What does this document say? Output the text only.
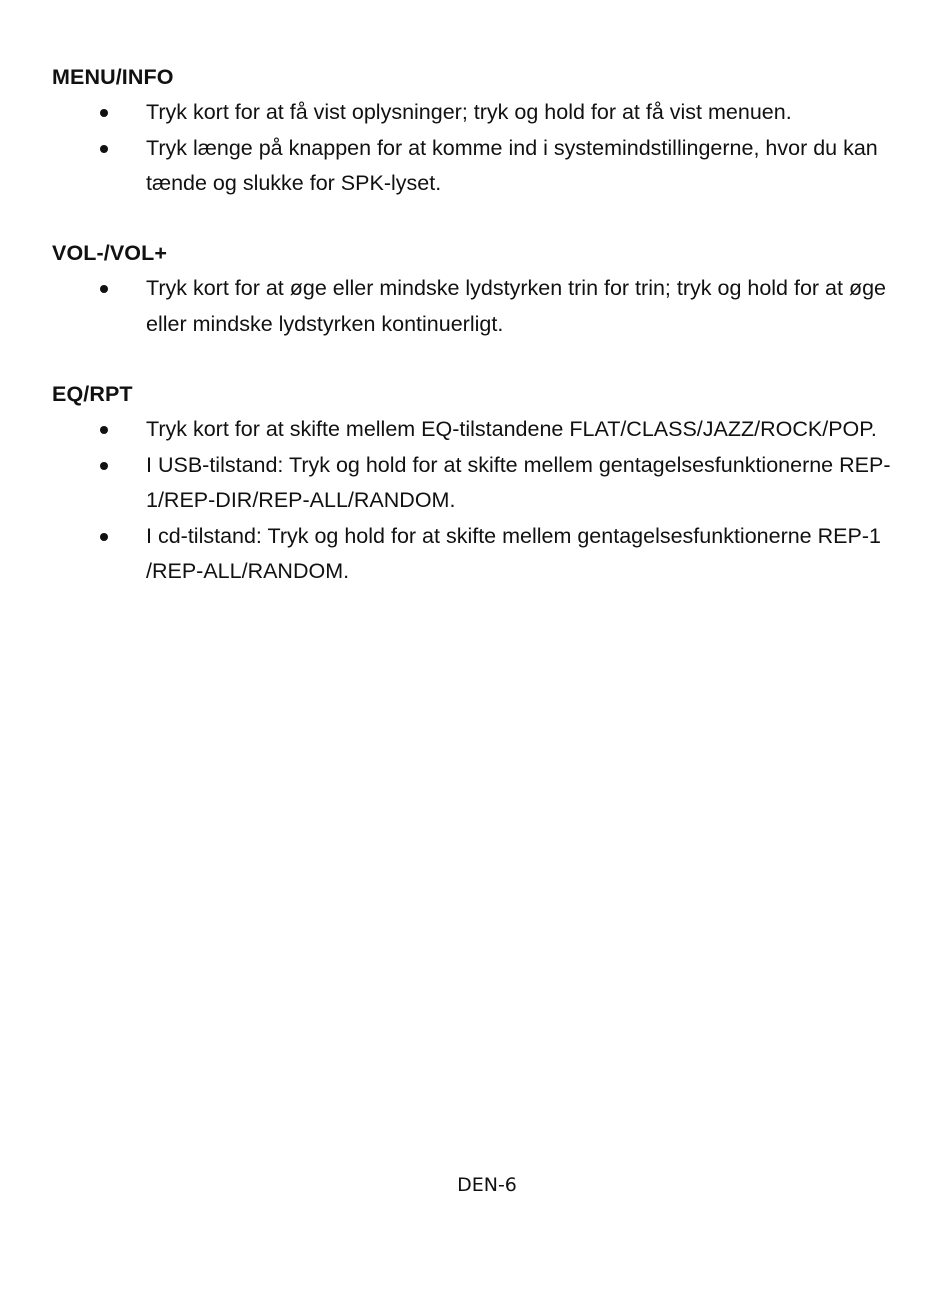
MENU/INFO
Tryk kort for at få vist oplysninger; tryk og hold for at få vist menuen.
Tryk længe på knappen for at komme ind i systemindstillingerne, hvor du kan tænde og slukke for SPK-lyset.
VOL-/VOL+
Tryk kort for at øge eller mindske lydstyrken trin for trin; tryk og hold for at øge eller mindske lydstyrken kontinuerligt.
EQ/RPT
Tryk kort for at skifte mellem EQ-tilstandene FLAT/CLASS/JAZZ/ROCK/POP.
I USB-tilstand: Tryk og hold for at skifte mellem gentagelsesfunktionerne REP-1/REP-DIR/REP-ALL/RANDOM.
I cd-tilstand: Tryk og hold for at skifte mellem gentagelsesfunktionerne REP-1 /REP-ALL/RANDOM.
DEN-6
